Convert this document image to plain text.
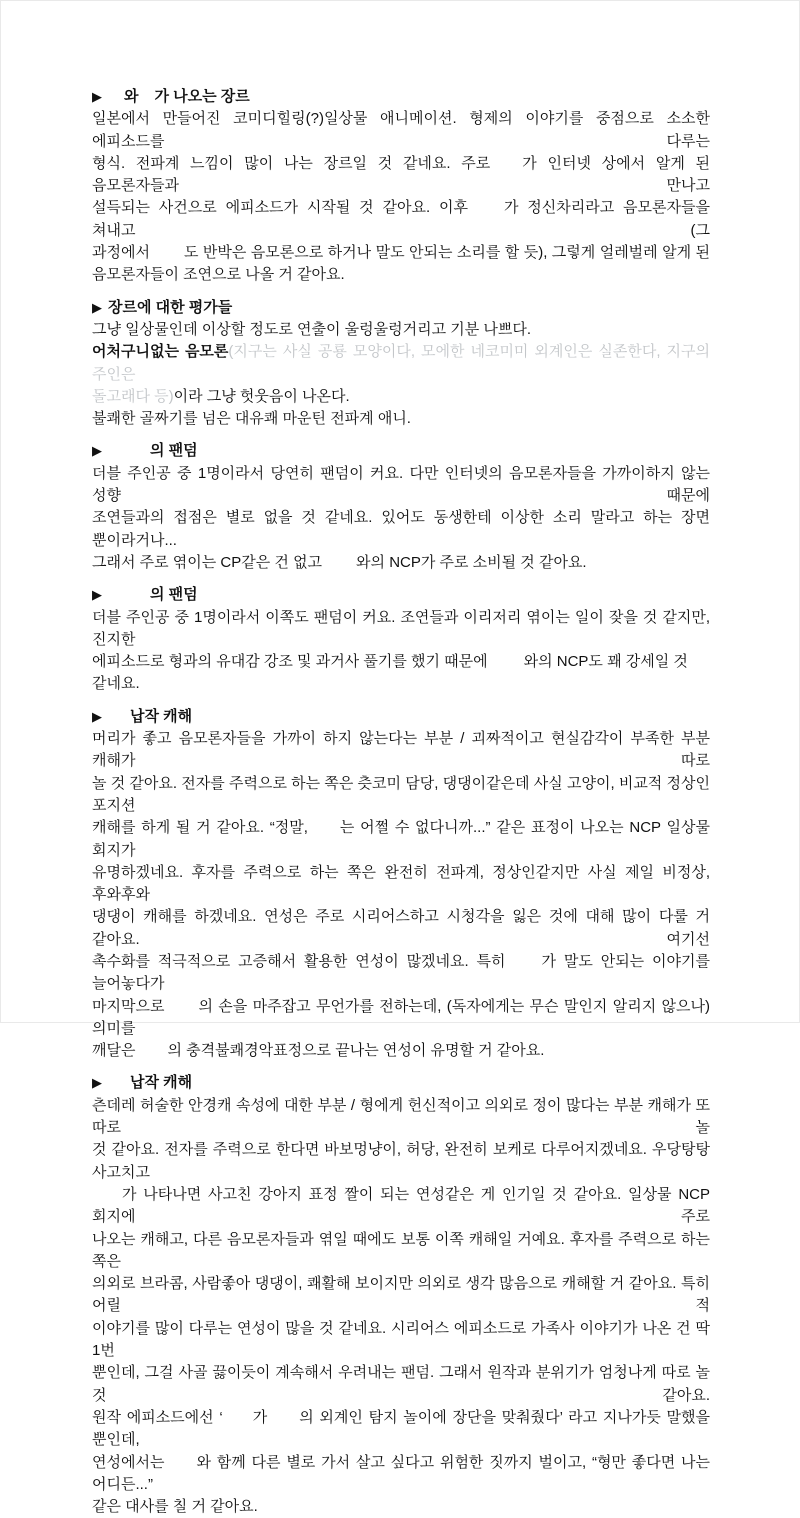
▶ 와 가 나오는 장르
일본에서 만들어진 코미디힐링(?)일상물 애니메이션. 형제의 이야기를 중점으로 소소한 에피소드를 다루는
형식. 전파계 느낌이 많이 나는 장르일 것 같네요. 주로 가 인터넷 상에서 알게 된 음모론자들과 만나고
설득되는 사건으로 에피소드가 시작될 것 같아요. 이후 가 정신차리라고 음모론자들을 쳐내고 (그
과정에서 도 반박은 음모론으로 하거나 말도 안되는 소리를 할 듯), 그렇게 얼레벌레 알게 된
음모론자들이 조연으로 나올 거 같아요.
▶ 장르에 대한 평가들
그냥 일상물인데 이상할 정도로 연출이 울렁울렁거리고 기분 나쁘다.
어처구니없는 음모론(지구는 사실 공룡 모양이다, 모에한 네코미미 외계인은 실존한다, 지구의 주인은
돌고래다 등)이라 그냥 헛웃음이 나온다.
불쾌한 골짜기를 넘은 대유쾌 마운틴 전파계 애니.
▶	의 팬덤
더블 주인공 중 1명이라서 당연히 팬덤이 커요. 다만 인터넷의 음모론자들을 가까이하지 않는 성향 때문에
조연들과의 접점은 별로 없을 것 같네요. 있어도 동생한테 이상한 소리 말라고 하는 장면 뿐이라거나...
그래서 주로 엮이는 CP같은 건 없고 와의 NCP가 주로 소비될 것 같아요.
▶	의 팬덤
더블 주인공 중 1명이라서 이쪽도 팬덤이 커요. 조연들과 이리저리 엮이는 일이 잦을 것 같지만, 진지한
에피소드로 형과의 유대감 강조 및 과거사 풀기를 했기 때문에 와의 NCP도 꽤 강세일 것 같네요.
▶ 납작 캐해
머리가 좋고 음모론자들을 가까이 하지 않는다는 부분 / 괴짜적이고 현실감각이 부족한 부분 캐해가 따로
놀 것 같아요. 전자를 주력으로 하는 쪽은 츳코미 담당, 댕댕이같은데 사실 고양이, 비교적 정상인 포지션
캐해를 하게 될 거 같아요. “정말, 는 어쩔 수 없다니까...” 같은 표정이 나오는 NCP 일상물 회지가
유명하겠네요. 후자를 주력으로 하는 쪽은 완전히 전파계, 정상인같지만 사실 제일 비정상, 후와후와
댕댕이 캐해를 하겠네요. 연성은 주로 시리어스하고 시청각을 잃은 것에 대해 많이 다룰 거 같아요. 여기선
촉수화를 적극적으로 고증해서 활용한 연성이 많겠네요. 특히 가 말도 안되는 이야기를 늘어놓다가
마지막으로 의 손을 마주잡고 무언가를 전하는데, (독자에게는 무슨 말인지 알리지 않으나) 의미를
깨달은 의 충격불쾌경악표정으로 끝나는 연성이 유명할 거 같아요.
▶ 납작 캐해
츤데레 허술한 안경캐 속성에 대한 부분 / 형에게 헌신적이고 의외로 정이 많다는 부분 캐해가 또 따로 놀
것 같아요. 전자를 주력으로 한다면 바보멍냥이, 허당, 완전히 보케로 다루어지겠네요. 우당탕탕 사고치고
가 나타나면 사고친 강아지 표정 짤이 되는 연성같은 게 인기일 것 같아요. 일상물 NCP 회지에 주로
나오는 캐해고, 다른 음모론자들과 엮일 때에도 보통 이쪽 캐해일 거예요. 후자를 주력으로 하는 쪽은
의외로 브라콤, 사람좋아 댕댕이, 쾌활해 보이지만 의외로 생각 많음으로 캐해할 거 같아요. 특히 어릴 적
이야기를 많이 다루는 연성이 많을 것 같네요. 시리어스 에피소드로 가족사 이야기가 나온 건 딱 1번
뿐인데, 그걸 사골 끓이듯이 계속해서 우려내는 팬덤. 그래서 원작과 분위기가 엄청나게 따로 놀 것 같아요.
원작 에피소드에선 ‘ 가 의 외계인 탐지 놀이에 장단을 맞춰줬다’ 라고 지나가듯 말했을 뿐인데,
연성에서는 와 함께 다른 별로 가서 살고 싶다고 위험한 짓까지 벌이고, “형만 좋다면 나는 어디든...”
같은 대사를 칠 거 같아요.
